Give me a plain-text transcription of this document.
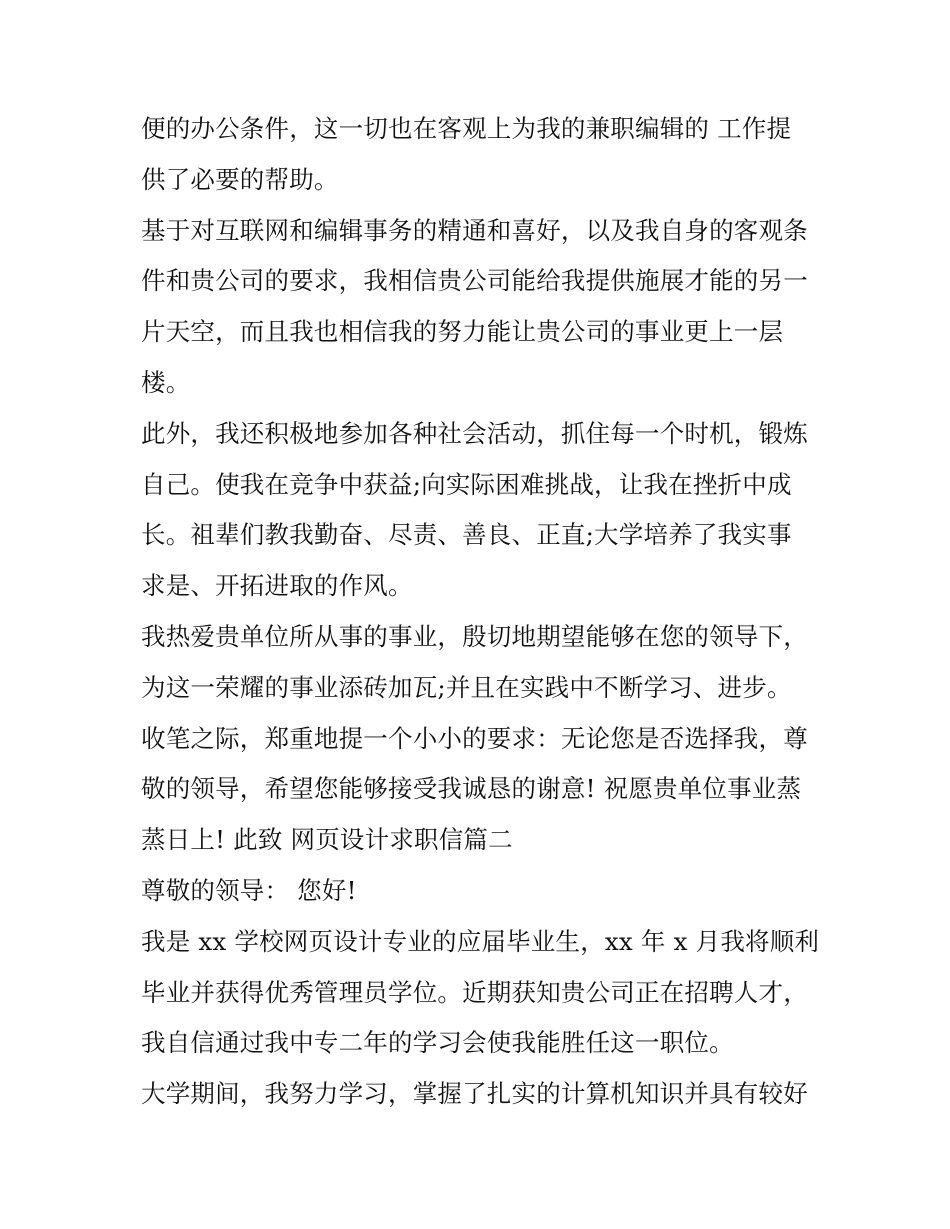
便的办公条件，这一切也在客观上为我的兼职编辑的 工作提
供了必要的帮助。
基于对互联网和编辑事务的精通和喜好，以及我自身的客观条
件和贵公司的要求，我相信贵公司能给我提供施展才能的另一
片天空，而且我也相信我的努力能让贵公司的事业更上一层
楼。
此外，我还积极地参加各种社会活动，抓住每一个时机，锻炼
自己。使我在竞争中获益;向实际困难挑战，让我在挫折中成
长。祖辈们教我勤奋、尽责、善良、正直;大学培养了我实事
求是、开拓进取的作风。
我热爱贵单位所从事的事业，殷切地期望能够在您的领导下，
为这一荣耀的事业添砖加瓦;并且在实践中不断学习、进步。
收笔之际，郑重地提一个小小的要求：无论您是否选择我，尊
敬的领导，希望您能够接受我诚恳的谢意! 祝愿贵单位事业蒸
蒸日上! 此致 网页设计求职信篇二
尊敬的领导： 您好!
我是 xx 学校网页设计专业的应届毕业生，xx 年 x 月我将顺利
毕业并获得优秀管理员学位。近期获知贵公司正在招聘人才，
我自信通过我中专二年的学习会使我能胜任这一职位。
大学期间，我努力学习，掌握了扎实的计算机知识并具有较好
